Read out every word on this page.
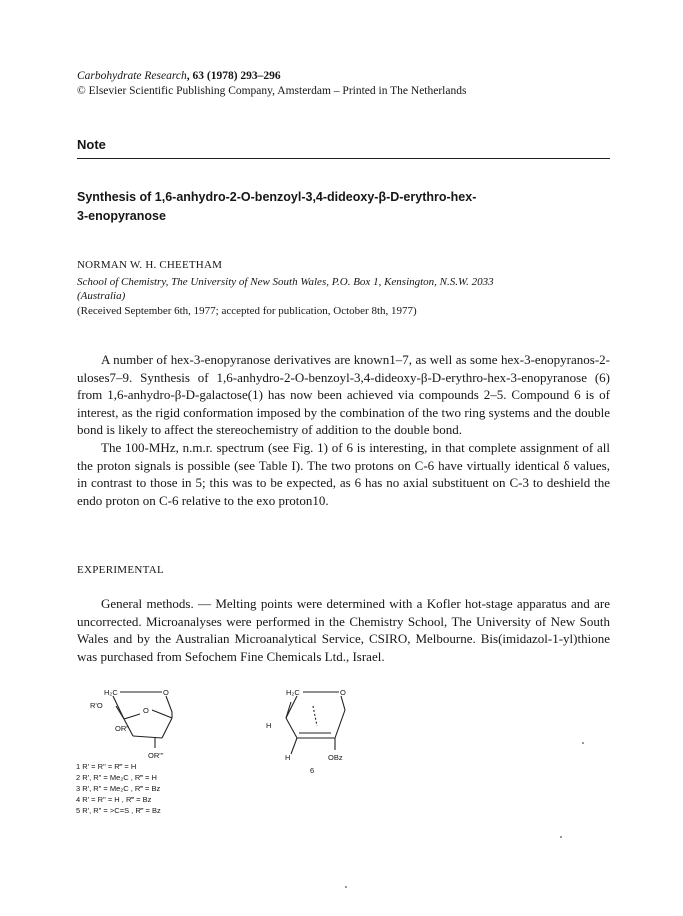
Carbohydrate Research, 63 (1978) 293–296
© Elsevier Scientific Publishing Company, Amsterdam – Printed in The Netherlands
Note

Synthesis of 1,6-anhydro-2-O-benzoyl-3,4-dideoxy-β-D-erythro-hex-

3-enopyranose

NORMAN W. H. CHEETHAM

School of Chemistry, The University of New South Wales, P.O. Box 1, Kensington, N.S.W. 2033

(Australia)

(Received September 6th, 1977; accepted for publication, October 8th, 1977)

A number of hex-3-enopyranose derivatives are known1–7, as well as some hex-3-enopyranos-2-uloses7–9. Synthesis of 1,6-anhydro-2-O-benzoyl-3,4-dideoxy-β-D-erythro-hex-3-enopyranose (6) from 1,6-anhydro-β-D-galactose(1) has now been achieved via compounds 2–5. Compound 6 is of interest, as the rigid conformation imposed by the combination of the two ring systems and the double bond is likely to affect the stereochemistry of addition to the double bond.

The 100-MHz, n.m.r. spectrum (see Fig. 1) of 6 is interesting, in that complete assignment of all the proton signals is possible (see Table I). The two protons on C-6 have virtually identical δ values, in contrast to those in 5; this was to be expected, as 6 has no axial substituent on C-3 to deshield the endo proton on C-6 relative to the exo proton10.

EXPERIMENTAL

General methods. — Melting points were determined with a Kofler hot-stage apparatus and are uncorrected. Microanalyses were performed in the Chemistry School, The University of New South Wales and by the Australian Microanalytical Service, CSIRO, Melbourne. Bis(imidazol-1-yl)thione was purchased from Sefochem Fine Chemicals Ltd., Israel.

H₂C	O
R'O
O
OR"
OR'''
H₂C	O
H
H	OBz
6
1 R' = R" = R‴ = H
2 R', R" = Me₂C , R‴ = H
3 R', R" = Me₂C , R‴ = Bz
4 R' = R" = H , R‴ = Bz
5 R', R" = >C=S , R‴ = Bz
